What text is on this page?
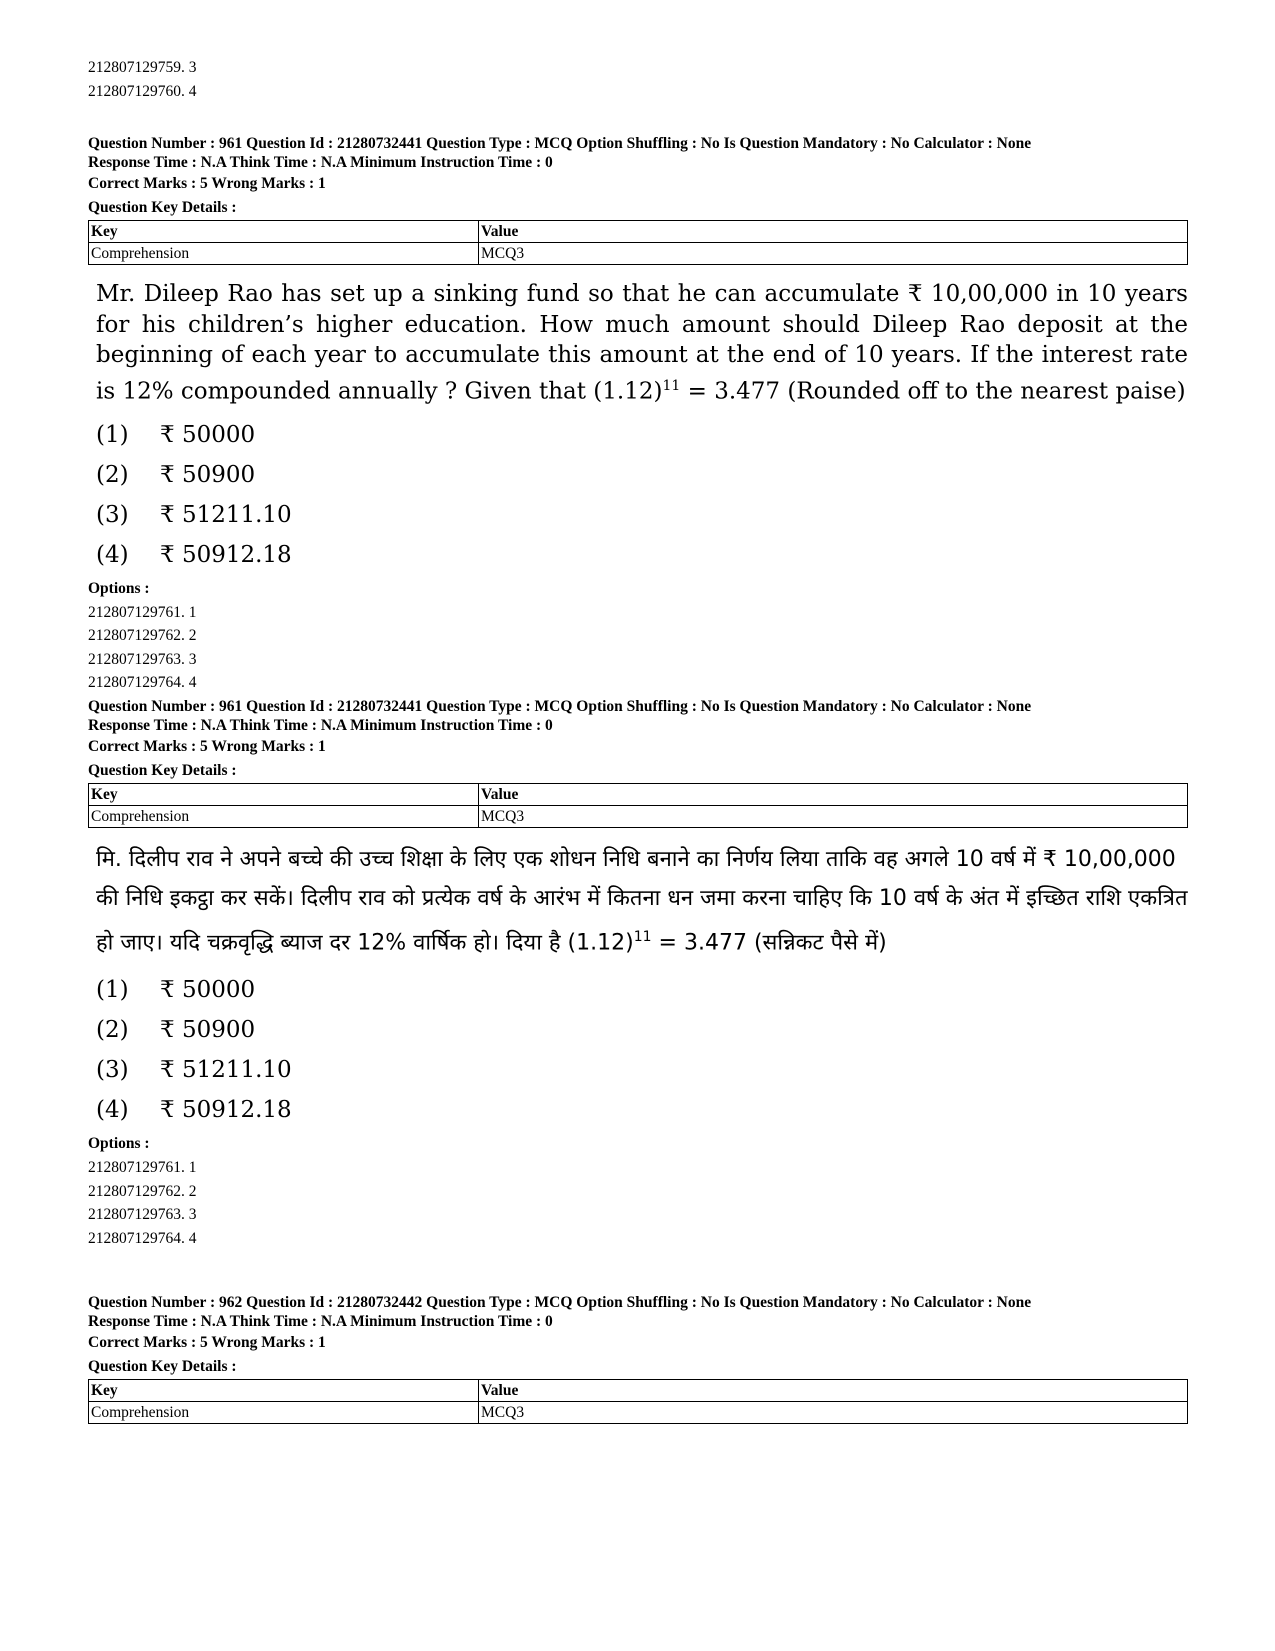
212807129759. 3
212807129760. 4
Question Number : 961 Question Id : 21280732441 Question Type : MCQ Option Shuffling : No Is Question Mandatory : No Calculator : None
Response Time : N.A Think Time : N.A Minimum Instruction Time : 0
Correct Marks : 5 Wrong Marks : 1
Question Key Details :
Key	Value
Comprehension	MCQ3
Mr. Dileep Rao has set up a sinking fund so that he can accumulate ₹ 10,00,000 in 10 years for his children’s higher education. How much amount should Dileep Rao deposit at the beginning of each year to accumulate this amount at the end of 10 years. If the interest rate is 12% compounded annually ? Given that $(1.12)^{11} = 3.477$ (Rounded off to the nearest paise)
(1)	₹ 50000
(2)	₹ 50900
(3)	₹ 51211.10
(4)	₹ 50912.18
Options :
212807129761. 1
212807129762. 2
212807129763. 3
212807129764. 4
Question Number : 961 Question Id : 21280732441 Question Type : MCQ Option Shuffling : No Is Question Mandatory : No Calculator : None
Response Time : N.A Think Time : N.A Minimum Instruction Time : 0
Correct Marks : 5 Wrong Marks : 1
Question Key Details :
Key	Value
Comprehension	MCQ3
मि. दिलीप राव ने अपने बच्चे की उच्च शिक्षा के लिए एक शोधन निधि बनाने का निर्णय लिया ताकि वह अगले 10 वर्ष में ₹ 10,00,000 की निधि इकट्ठा कर सकें। दिलीप राव को प्रत्येक वर्ष के आरंभ में कितना धन जमा करना चाहिए कि 10 वर्ष के अंत में इच्छित राशि एकत्रित हो जाए। यदि चक्रवृद्धि ब्याज दर 12% वार्षिक हो। दिया है $(1.12)^{11} = 3.477$ (सन्निकट पैसे में)
(1)	₹ 50000
(2)	₹ 50900
(3)	₹ 51211.10
(4)	₹ 50912.18
Options :
212807129761. 1
212807129762. 2
212807129763. 3
212807129764. 4
Question Number : 962 Question Id : 21280732442 Question Type : MCQ Option Shuffling : No Is Question Mandatory : No Calculator : None
Response Time : N.A Think Time : N.A Minimum Instruction Time : 0
Correct Marks : 5 Wrong Marks : 1
Question Key Details :
Key	Value
Comprehension	MCQ3
